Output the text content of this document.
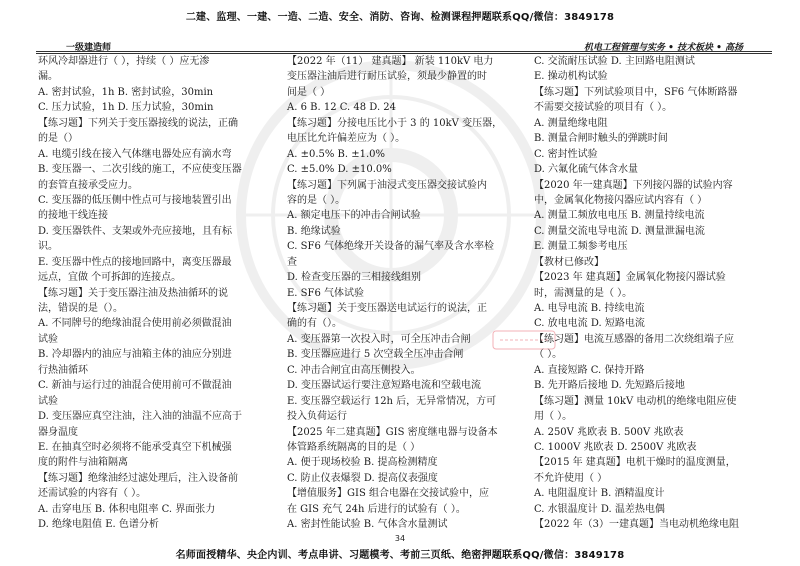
二建、监理、一建、一造、二造、安全、消防、咨询、检测课程押题联系QQ/微信：3849178
一级建造师	机电工程管理与实务 • 技术板块 • 高扬
环风冷却器进行（ ），持续（ ）应无渗
漏。
A. 密封试验，1h B. 密封试验，30min
C. 压力试验，1h D. 压力试验，30min
【练习题】下列关于变压器接线的说法，正确
的是（）
A. 电缆引线在接入气体继电器处应有滴水弯
B. 变压器一、二次引线的施工，不应使变压器
的套管直接承受应力。
C. 变压器的低压侧中性点可与接地装置引出
的接地干线连接
D. 变压器铁件、支架或外壳应接地，且有标
识。
E. 变压器中性点的接地回路中，离变压器最
远点，宜做 个可拆卸的连接点。
【练习题】关于变压器注油及热油循环的说
法，错误的是（）。
A. 不同牌号的绝缘油混合使用前必须做混油
试验
B. 冷却器内的油应与油箱主体的油应分别进
行热油循环
C. 新油与运行过的油混合使用前可不做混油
试验
D. 变压器应真空注油，注入油的油温不应高于
器身温度
E. 在抽真空时必须将不能承受真空下机械强
度的附件与油箱隔离
【练习题】绝缘油经过滤处理后，注入设备前
还需试验的内容有（ ）。
A. 击穿电压 B. 体积电阻率 C. 界面张力
D. 绝缘电阻值 E. 色谱分析
【2022 年（11） 建真题】 新装 110kV 电力
变压器注油后进行耐压试验，须最少静置的时
间是（ ）
A. 6 B. 12 C. 48 D. 24
【练习题】分接电压比小于 3 的 10kV 变压器，
电压比允许偏差应为（ ）。
A. ±0.5% B. ±1.0%
C. ±5.0% D. ±10.0%
【练习题】下列属于油浸式变压器交接试验内
容的是（ ）。
A. 额定电压下的冲击合闸试验
B. 绝缘试验
C. SF6 气体绝缘开关设备的漏气率及含水率检
查
D. 检查变压器的三相接线组别
E. SF6 气体试验
【练习题】关于变压器送电试运行的说法，正
确的有（）。
A. 变压器第一次投入时，可全压冲击合闸
B. 变压器应进行 5 次空载全压冲击合闸
C. 冲击合闸宜由高压侧投入。
D. 变压器试运行要注意短路电流和空载电流
E. 变压器空载运行 12h 后，无异常情况，方可
投入负荷运行
【2025 年二建真题】GIS 密度继电器与设备本
体管路系统隔离的目的是（ ）
A. 便于现场校验 B. 提高检测精度
C. 防止仪表爆裂 D. 提高仪表强度
【增值服务】GIS 组合电器在交接试验中，应
在 GIS 充气 24h 后进行的试验有（ ）。
A. 密封性能试验 B. 气体含水量测试
C. 交流耐压试验 D. 主回路电阻测试
E. 操动机构试验
【练习题】下列试验项目中，SF6 气体断路器
不需要交接试验的项目有（ ）。
A. 测量绝缘电阻
B. 测量合闸时触头的弹跳时间
C. 密封性试验
D. 六氟化硫气体含水量
【2020 年一建真题】下列接闪器的试验内容
中，金属氧化物接闪器应试内容有（ ）
A. 测量工频放电电压 B. 测量持续电流
C. 测量交流电导电流 D. 测量泄漏电流
E. 测量工频参考电压
【教材已修改】
【2023 年 建真题】金属氧化物接闪器试验
时，需测量的是（ ）。
A. 电导电流 B. 持续电流
C. 放电电流 D. 短路电流
【练习题】电流互感器的备用二次绕组端子应
（ ）。
A. 直接短路 C. 保持开路
B. 先开路后接地 D. 先短路后接地
【练习题】测量 10kV 电动机的绝缘电阻应使
用（ ）。
A. 250V 兆欧表 B. 500V 兆欧表
C. 1000V 兆欧表 D. 2500V 兆欧表
【2015 年 建真题】电机干燥时的温度测量，
不允许使用（ ）
A. 电阻温度计 B. 酒精温度计
C. 水银温度计 D. 温差热电偶
【2022 年（3）一建真题】当电动机绝缘电阻
34
名师面授精华、央企内训、考点串讲、习题模考、考前三页纸、绝密押题联系QQ/微信：3849178
